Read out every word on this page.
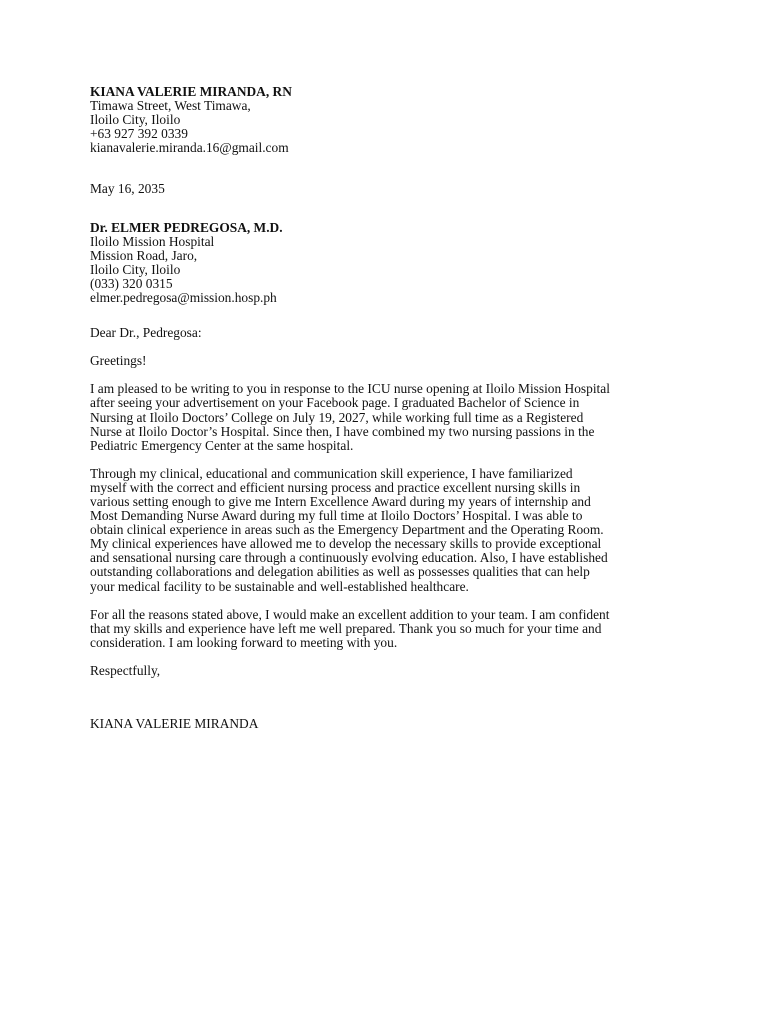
KIANA VALERIE MIRANDA, RN
Timawa Street, West Timawa,
Iloilo City, Iloilo
+63 927 392 0339
kianavalerie.miranda.16@gmail.com
May 16, 2035
Dr. ELMER PEDREGOSA, M.D.
Iloilo Mission Hospital
Mission Road, Jaro,
Iloilo City, Iloilo
(033) 320 0315
elmer.pedregosa@mission.hosp.ph
Dear Dr., Pedregosa:
Greetings!
I am pleased to be writing to you in response to the ICU nurse opening at Iloilo Mission Hospital
after seeing your advertisement on your Facebook page. I graduated Bachelor of Science in
Nursing at Iloilo Doctors’ College on July 19, 2027, while working full time as a Registered
Nurse at Iloilo Doctor’s Hospital. Since then, I have combined my two nursing passions in the
Pediatric Emergency Center at the same hospital.
Through my clinical, educational and communication skill experience, I have familiarized
myself with the correct and efficient nursing process and practice excellent nursing skills in
various setting enough to give me Intern Excellence Award during my years of internship and
Most Demanding Nurse Award during my full time at Iloilo Doctors’ Hospital. I was able to
obtain clinical experience in areas such as the Emergency Department and the Operating Room.
My clinical experiences have allowed me to develop the necessary skills to provide exceptional
and sensational nursing care through a continuously evolving education. Also, I have established
outstanding collaborations and delegation abilities as well as possesses qualities that can help
your medical facility to be sustainable and well-established healthcare.
For all the reasons stated above, I would make an excellent addition to your team. I am confident
that my skills and experience have left me well prepared. Thank you so much for your time and
consideration. I am looking forward to meeting with you.
Respectfully,
KIANA VALERIE MIRANDA
